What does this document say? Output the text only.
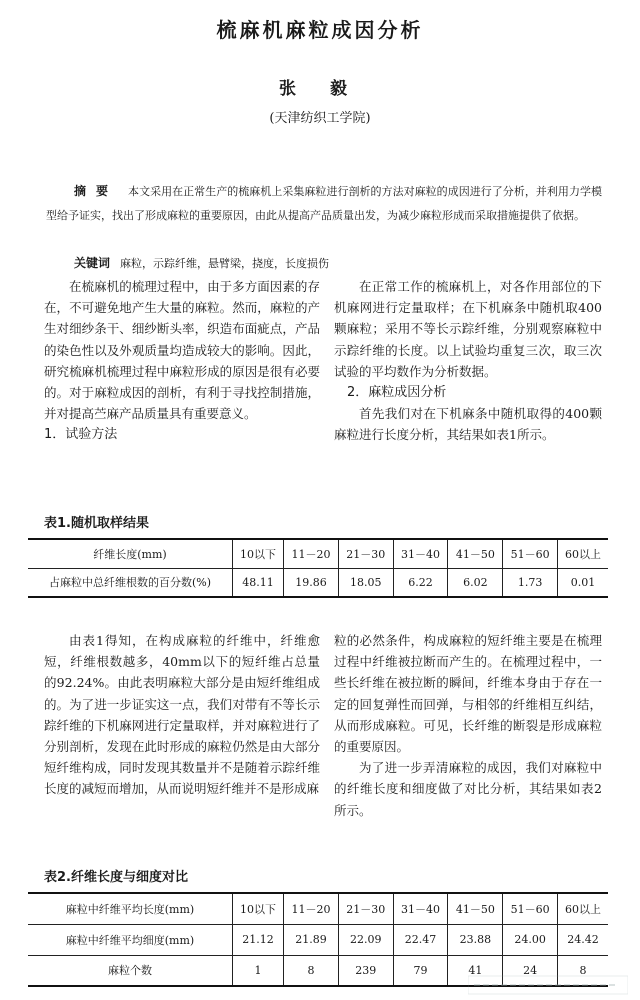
梳麻机麻粒成因分析
张 毅
(天津纺织工学院)
摘要 本文采用在正常生产的梳麻机上采集麻粒进行剖析的方法对麻粒的成因进行了分析，并利用力学模型给予证实，找出了形成麻粒的重要原因，由此从提高产品质量出发，为减少麻粒形成而采取措施提供了依据。
关键词 麻粒，示踪纤维，悬臂梁，挠度，长度损伤

在梳麻机的梳理过程中，由于多方面因素的存在，不可避免地产生大量的麻粒。然而，麻粒的产生对细纱条干、细纱断头率，织造布面疵点，产品的染色性以及外观质量均造成较大的影响。因此，研究梳麻机梳理过程中麻粒形成的原因是很有必要的。对于麻粒成因的剖析，有利于寻找控制措施，并对提高苎麻产品质量具有重要意义。

1．试验方法

在正常工作的梳麻机上，对各作用部位的下机麻网进行定量取样；在下机麻条中随机取400颗麻粒；采用不等长示踪纤维，分别观察麻粒中示踪纤维的长度。以上试验均重复三次，取三次试验的平均数作为分析数据。

2．麻粒成因分析

首先我们对在下机麻条中随机取得的400颗麻粒进行长度分析，其结果如表1所示。

表1.随机取样结果
纤维长度(mm)	10以下	11－20	21－30	31－40	41－50	51－60	60以上
占麻粒中总纤维根数的百分数(%)	48.11	19.86	18.05	6.22	6.02	1.73	0.01

由表1得知，在构成麻粒的纤维中，纤维愈短，纤维根数越多，40mm以下的短纤维占总量的92.24%。由此表明麻粒大部分是由短纤维组成的。为了进一步证实这一点，我们对带有不等长示踪纤维的下机麻网进行定量取样，并对麻粒进行了分别剖析，发现在此时形成的麻粒仍然是由大部分短纤维构成，同时发现其数量并不是随着示踪纤维长度的减短而增加，从而说明短纤维并不是形成麻

粒的必然条件，构成麻粒的短纤维主要是在梳理过程中纤维被拉断而产生的。在梳理过程中，一些长纤维在被拉断的瞬间，纤维本身由于存在一定的回复弹性而回弹，与相邻的纤维相互纠结，从而形成麻粒。可见，长纤维的断裂是形成麻粒的重要原因。

为了进一步弄清麻粒的成因，我们对麻粒中的纤维长度和细度做了对比分析，其结果如表2所示。

表2.纤维长度与细度对比
麻粒中纤维平均长度(mm)	10以下	11－20	21－30	31－40	41－50	51－60	60以上
麻粒中纤维平均细度(mm)	21.12	21.89	22.09	22.47	23.88	24.00	24.42
麻粒个数	1	8	239	79	41	24	8
